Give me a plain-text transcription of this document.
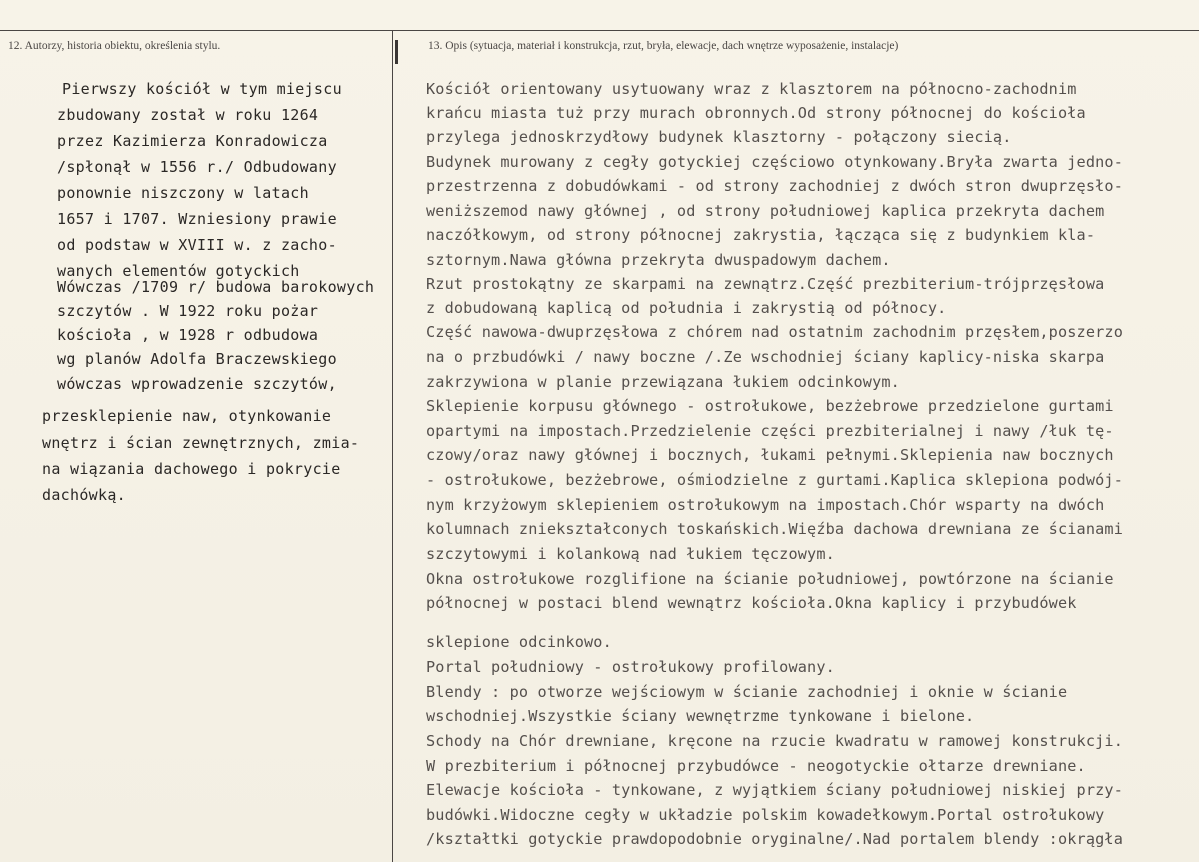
12. Autorzy, historia obiektu, określenia stylu.	13. Opis (sytuacja, materiał i konstrukcja, rzut, bryła, elewacje, dach wnętrze wyposażenie, instalacje)
Pierwszy kościół w tym miejscu
zbudowany został w roku 1264
przez Kazimierza Konradowicza
/spłonął w 1556 r./ Odbudowany
ponownie niszczony w latach
1657 i 1707. Wzniesiony prawie
od podstaw w XVIII w. z zacho-
wanych elementów gotyckich
Wówczas /1709 r/ budowa barokowych
szczytów . W 1922 roku pożar
kościoła , w 1928 r odbudowa
wg planów Adolfa Braczewskiego
wówczas wprowadzenie szczytów,
przesklepienie naw, otynkowanie
wnętrz i ścian zewnętrznych, zmia-
na wiązania dachowego i pokrycie
dachówką.
Kościół orientowany usytuowany wraz z klasztorem na północno-zachodnim
krańcu miasta tuż przy murach obronnych.Od strony północnej do kościoła
przylega jednoskrzydłowy budynek klasztorny - połączony siecią.
Budynek murowany z cegły gotyckiej częściowo otynkowany.Bryła zwarta jedno-
przestrzenna z dobudówkami - od strony zachodniej z dwóch stron dwuprzęsło-
weniższemod nawy głównej , od strony południowej kaplica przekryta dachem
naczółkowym, od strony północnej zakrystia, łącząca się z budynkiem kla-
sztornym.Nawa główna przekryta dwuspadowym dachem.
Rzut prostokątny ze skarpami na zewnątrz.Część prezbiterium-trójprzęsłowa
z dobudowaną kaplicą od południa i zakrystią od północy.
Część nawowa-dwuprzęsłowa z chórem nad ostatnim zachodnim przęsłem,poszerzo
na o przbudówki / nawy boczne /.Ze wschodniej ściany kaplicy-niska skarpa
zakrzywiona w planie przewiązana łukiem odcinkowym.
Sklepienie korpusu głównego - ostrołukowe, bezżebrowe przedzielone gurtami
opartymi na impostach.Przedzielenie części prezbiterialnej i nawy /łuk tę-
czowy/oraz nawy głównej i bocznych, łukami pełnymi.Sklepienia naw bocznych
- ostrołukowe, bezżebrowe, ośmiodzielne z gurtami.Kaplica sklepiona podwój-
nym krzyżowym sklepieniem ostrołukowym na impostach.Chór wsparty na dwóch
kolumnach zniekształconych toskańskich.Więźba dachowa drewniana ze ścianami
szczytowymi i kolankową nad łukiem tęczowym.
Okna ostrołukowe rozglifione na ścianie południowej, powtórzone na ścianie
północnej w postaci blend wewnątrz kościoła.Okna kaplicy i przybudówek
sklepione odcinkowo.
Portal południowy - ostrołukowy profilowany.
Blendy : po otworze wejściowym w ścianie zachodniej i oknie w ścianie
wschodniej.Wszystkie ściany wewnętrzme tynkowane i bielone.
Schody na Chór drewniane, kręcone na rzucie kwadratu w ramowej konstrukcji.
W prezbiterium i północnej przybudówce - neogotyckie ołtarze drewniane.
Elewacje kościoła - tynkowane, z wyjątkiem ściany południowej niskiej przy-
budówki.Widoczne cegły w układzie polskim kowadełkowym.Portal ostrołukowy
/kształtki gotyckie prawdopodobnie oryginalne/.Nad portalem blendy :okrągła
